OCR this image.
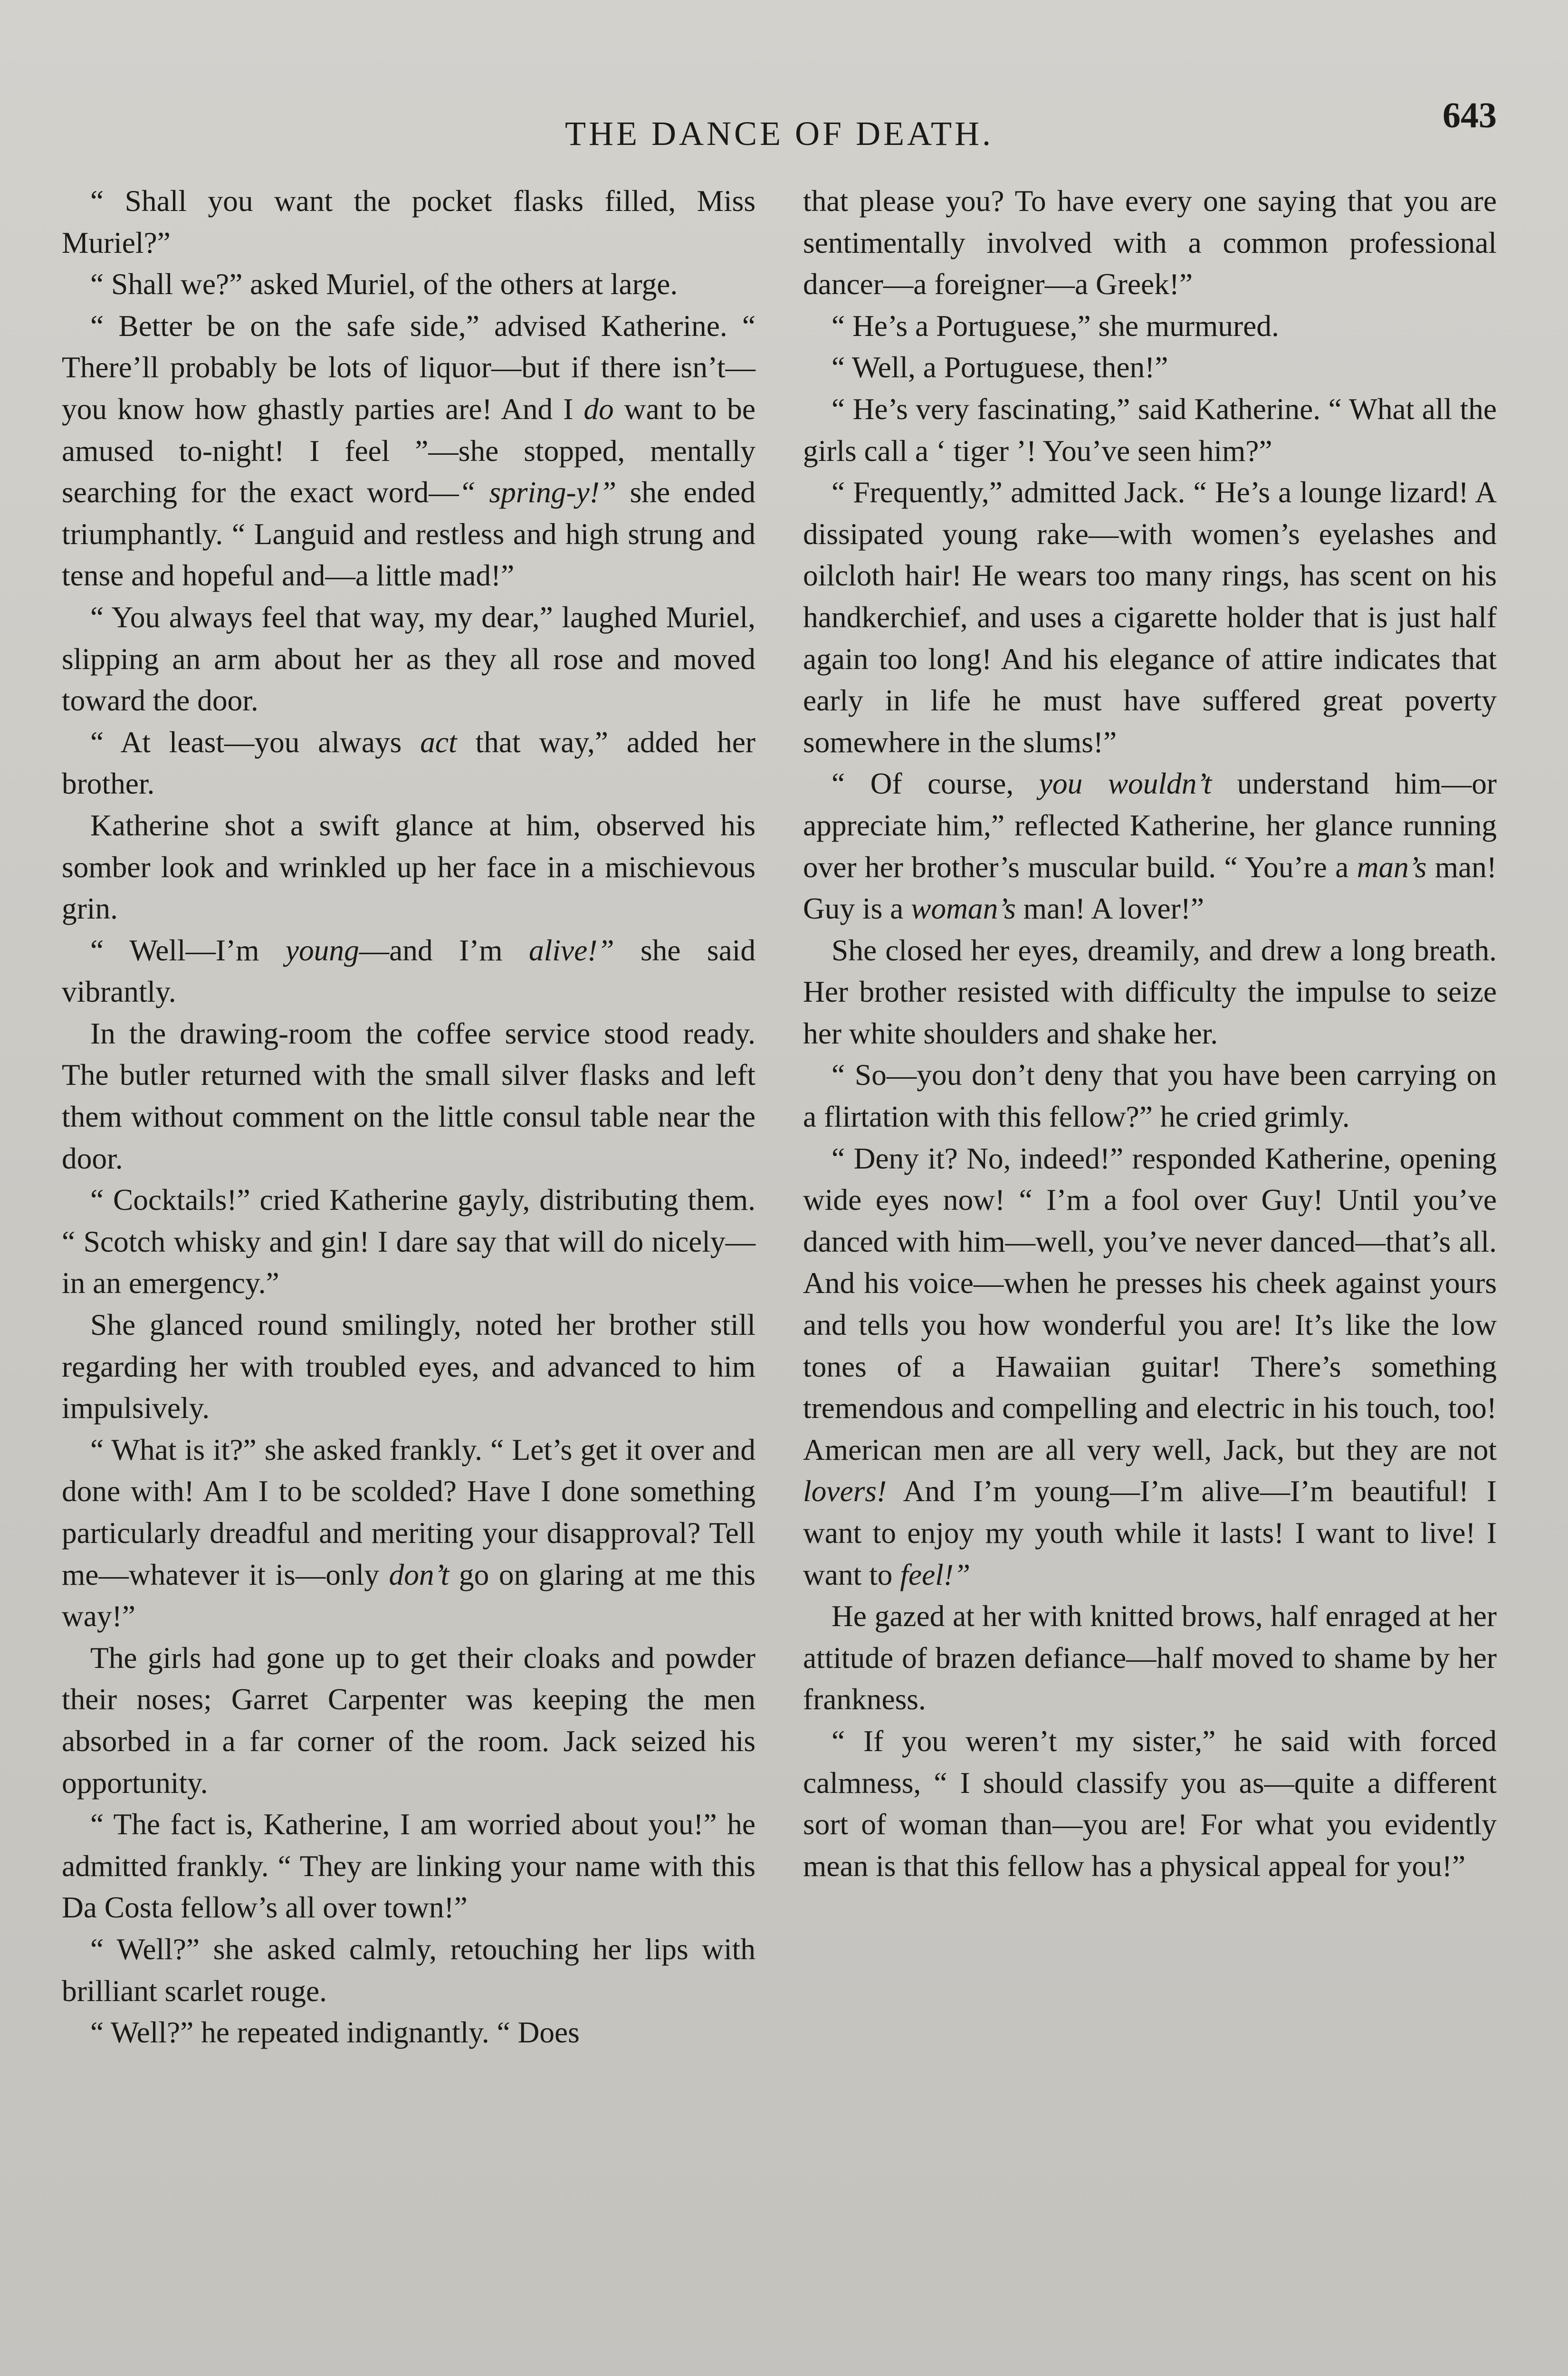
THE DANCE OF DEATH.	643

“ Shall you want the pocket flasks filled, Miss Muriel?”

“ Shall we?” asked Muriel, of the others at large.

“ Better be on the safe side,” advised Katherine. “ There’ll probably be lots of liquor—but if there isn’t—you know how ghastly parties are! And I do want to be amused to-night! I feel ”—she stopped, mentally searching for the exact word—“ spring-y!” she ended triumphantly. “ Languid and restless and high strung and tense and hopeful and—a little mad!”

“ You always feel that way, my dear,” laughed Muriel, slipping an arm about her as they all rose and moved toward the door.

“ At least—you always act that way,” added her brother.

Katherine shot a swift glance at him, observed his somber look and wrinkled up her face in a mischievous grin.

“ Well—I’m young—and I’m alive!” she said vibrantly.

In the drawing-room the coffee service stood ready. The butler returned with the small silver flasks and left them without comment on the little consul table near the door.

“ Cocktails!” cried Katherine gayly, distributing them. “ Scotch whisky and gin! I dare say that will do nicely—in an emergency.”

She glanced round smilingly, noted her brother still regarding her with troubled eyes, and advanced to him impulsively.

“ What is it?” she asked frankly. “ Let’s get it over and done with! Am I to be scolded? Have I done something particularly dreadful and meriting your disapproval? Tell me—whatever it is—only don’t go on glaring at me this way!”

The girls had gone up to get their cloaks and powder their noses; Garret Carpenter was keeping the men absorbed in a far corner of the room. Jack seized his opportunity.

“ The fact is, Katherine, I am worried about you!” he admitted frankly. “ They are linking your name with this Da Costa fellow’s all over town!”

“ Well?” she asked calmly, retouching her lips with brilliant scarlet rouge.

“ Well?” he repeated indignantly. “ Does

that please you? To have every one saying that you are sentimentally involved with a common professional dancer—a foreigner—a Greek!”

“ He’s a Portuguese,” she murmured.

“ Well, a Portuguese, then!”

“ He’s very fascinating,” said Katherine. “ What all the girls call a ‘ tiger ’! You’ve seen him?”

“ Frequently,” admitted Jack. “ He’s a lounge lizard! A dissipated young rake—with women’s eyelashes and oilcloth hair! He wears too many rings, has scent on his handkerchief, and uses a cigarette holder that is just half again too long! And his elegance of attire indicates that early in life he must have suffered great poverty somewhere in the slums!”

“ Of course, you wouldn’t understand him—or appreciate him,” reflected Katherine, her glance running over her brother’s muscular build. “ You’re a man’s man! Guy is a woman’s man! A lover!”

She closed her eyes, dreamily, and drew a long breath. Her brother resisted with difficulty the impulse to seize her white shoulders and shake her.

“ So—you don’t deny that you have been carrying on a flirtation with this fellow?” he cried grimly.

“ Deny it? No, indeed!” responded Katherine, opening wide eyes now! “ I’m a fool over Guy! Until you’ve danced with him—well, you’ve never danced—that’s all. And his voice—when he presses his cheek against yours and tells you how wonderful you are! It’s like the low tones of a Hawaiian guitar! There’s something tremendous and compelling and electric in his touch, too! American men are all very well, Jack, but they are not lovers! And I’m young—I’m alive—I’m beautiful! I want to enjoy my youth while it lasts! I want to live! I want to feel!”

He gazed at her with knitted brows, half enraged at her attitude of brazen defiance—half moved to shame by her frankness.

“ If you weren’t my sister,” he said with forced calmness, “ I should classify you as—quite a different sort of woman than—you are! For what you evidently mean is that this fellow has a physical appeal for you!”
